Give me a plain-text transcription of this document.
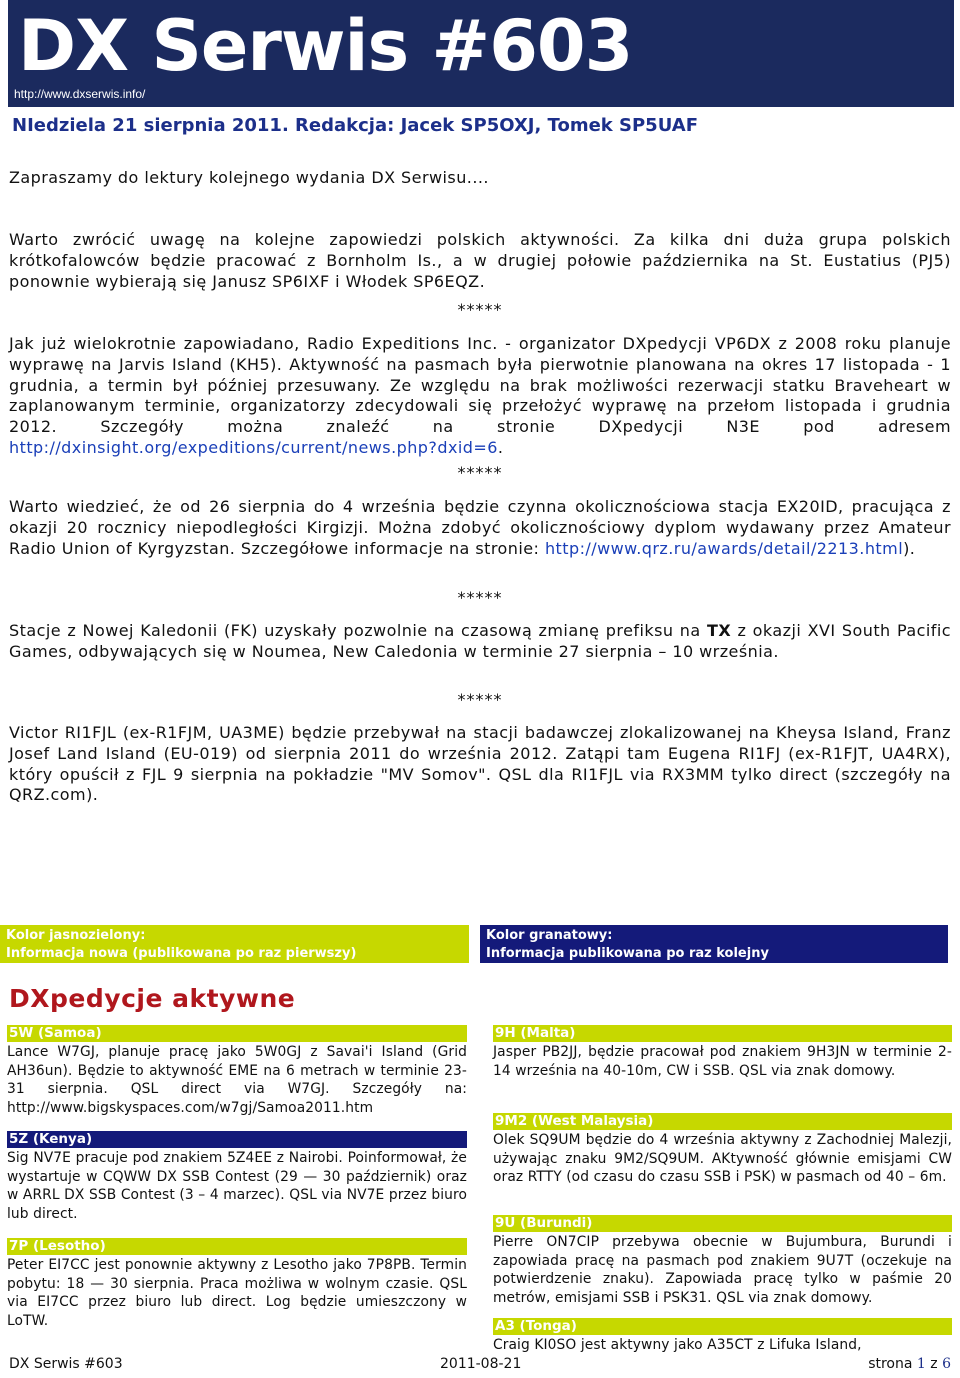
DX Serwis #603
http://www.dxserwis.info/
NIedziela 21 sierpnia 2011. Redakcja: Jacek SP5OXJ, Tomek SP5UAF

Zapraszamy do lektury kolejnego wydania DX Serwisu....

Warto zwrócić uwagę na kolejne zapowiedzi polskich aktywności. Za kilka dni duża grupa polskich krótkofalowców będzie pracować z Bornholm Is., a w drugiej połowie października na St. Eustatius (PJ5) ponownie wybierają się Janusz SP6IXF i Włodek SP6EQZ.

*****

Jak już wielokrotnie zapowiadano, Radio Expeditions Inc. - organizator DXpedycji VP6DX z 2008 roku planuje wyprawę na Jarvis Island (KH5). Aktywność na pasmach była pierwotnie planowana na okres 17 listopada - 1 grudnia, a termin był później przesuwany. Ze względu na brak możliwości rezerwacji statku Braveheart w zaplanowanym terminie, organizatorzy zdecydowali się przełożyć wyprawę na przełom listopada i grudnia 2012. Szczegóły można znaleźć na stronie DXpedycji N3E pod adresem http://dxinsight.org/expeditions/current/news.php?dxid=6.

*****

Warto wiedzieć, że od 26 sierpnia do 4 września będzie czynna okolicznościowa stacja EX20ID, pracująca z okazji 20 rocznicy niepodległości Kirgizji. Można zdobyć okolicznościowy dyplom wydawany przez Amateur Radio Union of Kyrgyzstan. Szczegółowe informacje na stronie: http://www.qrz.ru/awards/detail/2213.html).

*****

Stacje z Nowej Kaledonii (FK) uzyskały pozwolnie na czasową zmianę prefiksu na TX z okazji XVI South Pacific Games, odbywających się w Noumea, New Caledonia w terminie 27 sierpnia – 10 września.

*****

Victor RI1FJL (ex-R1FJM, UA3ME) będzie przebywał na stacji badawczej zlokalizowanej na Kheysa Island, Franz Josef Land Island (EU-019) od sierpnia 2011 do września 2012. Zatąpi tam Eugena RI1FJ (ex-R1FJT, UA4RX), który opuścił z FJL 9 sierpnia na pokładzie "MV Somov". QSL dla RI1FJL via RX3MM tylko direct (szczegóły na QRZ.com).

Kolor jasnozielony:
Informacja nowa (publikowana po raz pierwszy)
Kolor granatowy:
Informacja publikowana po raz kolejny
DXpedycje aktywne
5W (Samoa)

Lance W7GJ, planuje pracę jako 5W0GJ z Savai'i Island (Grid AH36un). Będzie to aktywność EME na 6 metrach w terminie 23-31 sierpnia. QSL direct via W7GJ. Szczegóły na: http://www.bigskyspaces.com/w7gj/Samoa2011.htm

5Z (Kenya)

Sig NV7E pracuje pod znakiem 5Z4EE z Nairobi. Poinformował, że wystartuje w CQWW DX SSB Contest (29 — 30 październik) oraz w ARRL DX SSB Contest (3 – 4 marzec). QSL via NV7E przez biuro lub direct.

7P (Lesotho)

Peter EI7CC jest ponownie aktywny z Lesotho jako 7P8PB. Termin pobytu: 18 — 30 sierpnia. Praca możliwa w wolnym czasie. QSL via EI7CC przez biuro lub direct. Log będzie umieszczony w LoTW.

9H (Malta)

Jasper PB2JJ, będzie pracował pod znakiem 9H3JN w terminie 2-14 września na 40-10m, CW i SSB. QSL via znak domowy.

9M2 (West Malaysia)

Olek SQ9UM będzie do 4 września aktywny z Zachodniej Malezji, używając znaku 9M2/SQ9UM. AKtywność głównie emisjami CW oraz RTTY (od czasu do czasu SSB i PSK) w pasmach od 40 – 6m.

9U (Burundi)

Pierre ON7CIP przebywa obecnie w Bujumbura, Burundi i zapowiada pracę na pasmach pod znakiem 9U7T (oczekuje na potwierdzenie znaku). Zapowiada pracę tylko w paśmie 20 metrów, emisjami SSB i PSK31. QSL via znak domowy.

A3 (Tonga)

Craig KI0SO jest aktywny jako A35CT z Lifuka Island,

DX Serwis #603	2011-08-21	strona 1 z 6
